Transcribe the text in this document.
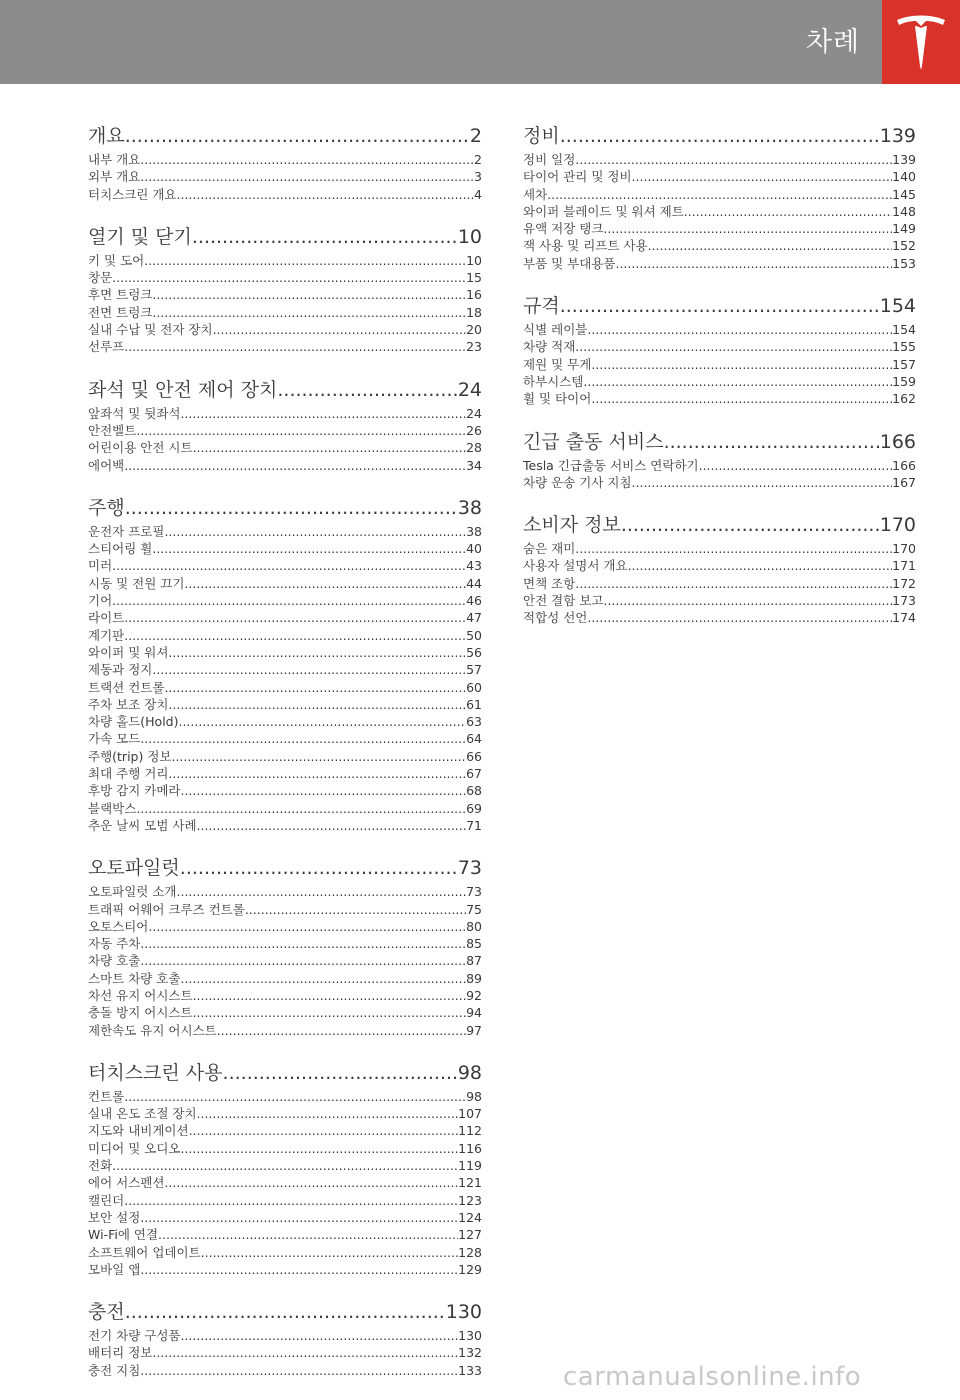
차례
개요 .....	2
내부 개요 .....	2
외부 개요 .....	3
터치스크린 개요 .....	4
열기 및 닫기 .....	10
키 및 도어 .....	10
창문 .....	15
후면 트렁크 .....	16
전면 트렁크 .....	18
실내 수납 및 전자 장치 .....	20
선루프 .....	23
좌석 및 안전 제어 장치 .....	24
앞좌석 및 뒷좌석 .....	24
안전벨트 .....	26
어린이용 안전 시트 .....	28
에어백 .....	34
주행 .....	38
운전자 프로필 .....	38
스티어링 휠 .....	40
미러 .....	43
시동 및 전원 끄기 .....	44
기어 .....	46
라이트 .....	47
계기판 .....	50
와이퍼 및 워셔 .....	56
제동과 정지 .....	57
트랙션 컨트롤 .....	60
주차 보조 장치 .....	61
차량 홀드(Hold) .....	63
가속 모드 .....	64
주행(trip) 정보 .....	66
최대 주행 거리 .....	67
후방 감지 카메라 .....	68
블랙박스 .....	69
추운 날씨 모범 사례 .....	71
오토파일럿 .....	73
오토파일럿 소개 .....	73
트래픽 어웨어 크루즈 컨트롤 .....	75
오토스티어 .....	80
자동 주차 .....	85
차량 호출 .....	87
스마트 차량 호출 .....	89
차선 유지 어시스트 .....	92
충돌 방지 어시스트 .....	94
제한속도 유지 어시스트 .....	97
터치스크린 사용 .....	98
컨트롤 .....	98
실내 온도 조절 장치 .....	107
지도와 내비게이션 .....	112
미디어 및 오디오 .....	116
전화 .....	119
에어 서스펜션 .....	121
캘린더 .....	123
보안 설정 .....	124
Wi-Fi에 연결 .....	127
소프트웨어 업데이트 .....	128
모바일 앱 .....	129
충전 .....	130
전기 차량 구성품 .....	130
배터리 정보 .....	132
충전 지침 .....	133
정비 .....	139
정비 일정 .....	139
타이어 관리 및 정비 .....	140
세차 .....	145
와이퍼 블레이드 및 워셔 제트 .....	148
유액 저장 탱크 .....	149
잭 사용 및 리프트 사용 .....	152
부품 및 부대용품 .....	153
규격 .....	154
식별 레이블 .....	154
차량 적재 .....	155
제원 및 무게 .....	157
하부시스템 .....	159
휠 및 타이어 .....	162
긴급 출동 서비스 .....	166
Tesla 긴급출동 서비스 연락하기 .....	166
차량 운송 기사 지침 .....	167
소비자 정보 .....	170
숨은 재미 .....	170
사용자 설명서 개요 .....	171
면책 조항 .....	172
안전 결함 보고 .....	173
적합성 선언 .....	174
carmanualsonline.info
